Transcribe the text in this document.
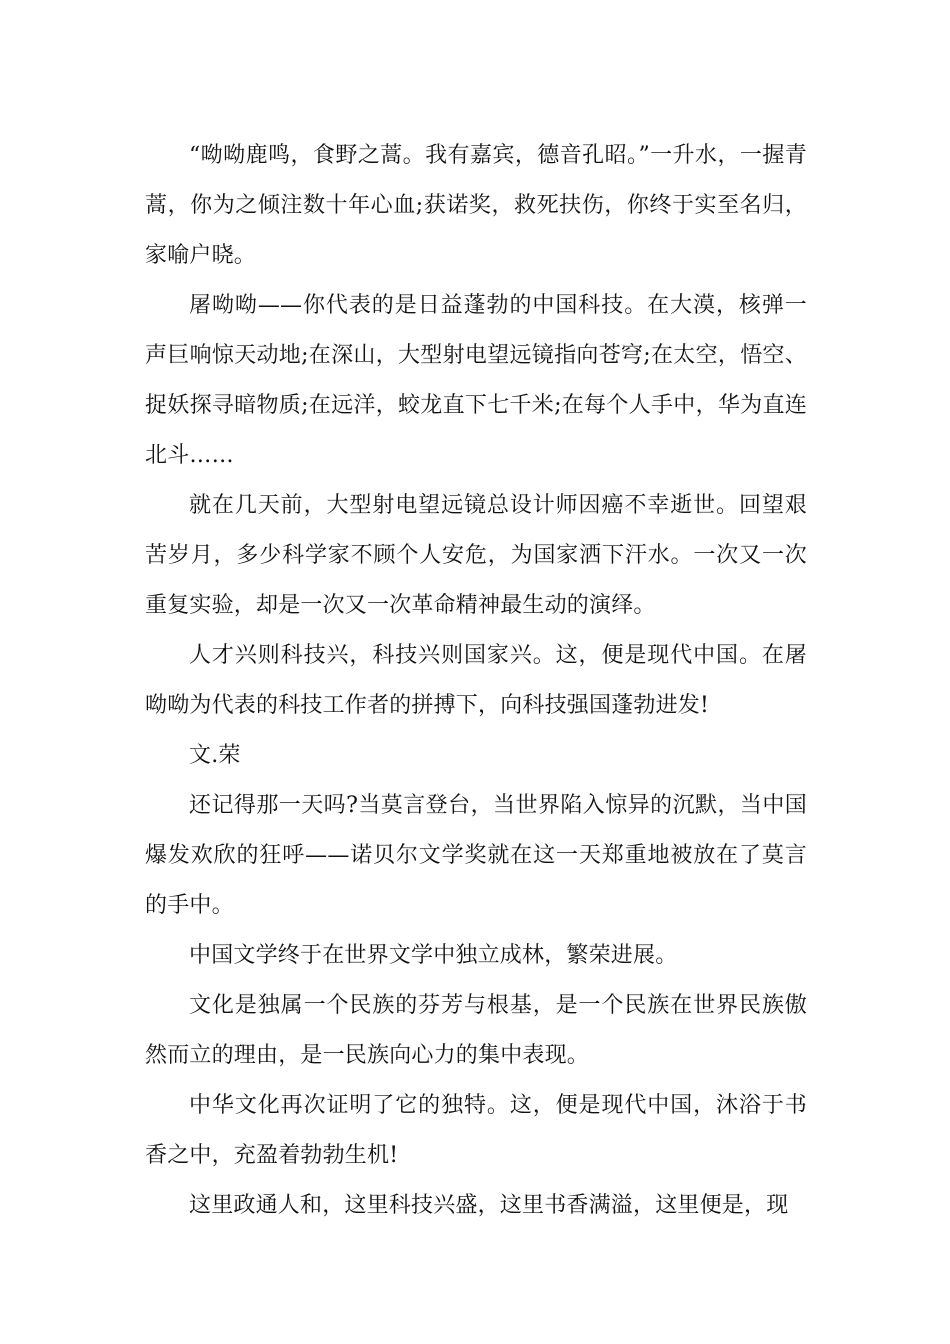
“呦呦鹿鸣，食野之蒿。我有嘉宾，德音孔昭。”一升水，一握青蒿，你为之倾注数十年心血;获诺奖，救死扶伤，你终于实至名归，家喻户晓。

屠呦呦——你代表的是日益蓬勃的中国科技。在大漠，核弹一声巨响惊天动地;在深山，大型射电望远镜指向苍穹;在太空，悟空、捉妖探寻暗物质;在远洋，蛟龙直下七千米;在每个人手中，华为直连北斗……

就在几天前，大型射电望远镜总设计师因癌不幸逝世。回望艰苦岁月，多少科学家不顾个人安危，为国家洒下汗水。一次又一次重复实验，却是一次又一次革命精神最生动的演绎。

人才兴则科技兴，科技兴则国家兴。这，便是现代中国。在屠呦呦为代表的科技工作者的拼搏下，向科技强国蓬勃进发!

文.荣

还记得那一天吗?当莫言登台，当世界陷入惊异的沉默，当中国爆发欢欣的狂呼——诺贝尔文学奖就在这一天郑重地被放在了莫言的手中。

中国文学终于在世界文学中独立成林，繁荣进展。

文化是独属一个民族的芬芳与根基，是一个民族在世界民族傲然而立的理由，是一民族向心力的集中表现。

中华文化再次证明了它的独特。这，便是现代中国，沐浴于书香之中，充盈着勃勃生机!

这里政通人和，这里科技兴盛，这里书香满溢，这里便是，现
